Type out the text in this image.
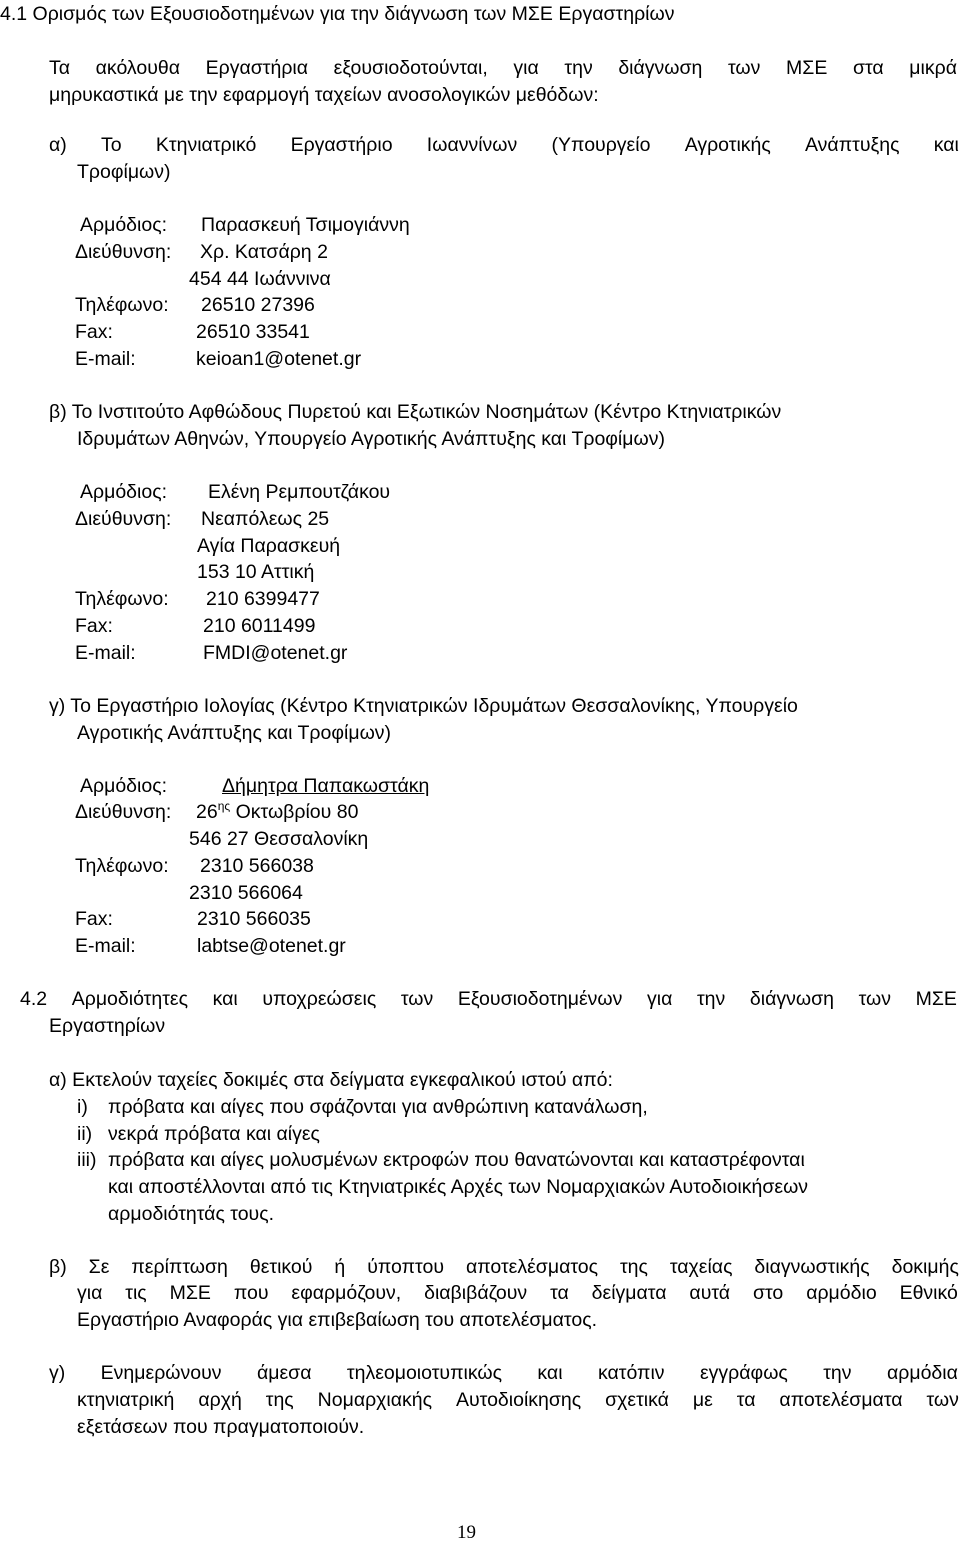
4.1 Ορισμός των Εξουσιοδοτημένων για την διάγνωση των ΜΣΕ Εργαστηρίων
Τα ακόλουθα Εργαστήρια εξουσιοδοτούνται, για την διάγνωση των ΜΣΕ στα μικρά
μηρυκαστικά με την εφαρμογή ταχείων ανοσολογικών μεθόδων:
α) Το Κτηνιατρικό Εργαστήριο Ιωαννίνων (Υπουργείο Αγροτικής Ανάπτυξης και
Τροφίμων)
Αρμόδιος: Παρασκευή Τσιμογιάννη
Διεύθυνση: Χρ. Κατσάρη 2
454 44 Ιωάννινα
Τηλέφωνο: 26510 27396
Fax:	26510 33541
E-mail:	keioan1@otenet.gr
β) Το Ινστιτούτο Αφθώδους Πυρετού και Εξωτικών Νοσημάτων (Κέντρο Κτηνιατρικών
Ιδρυμάτων Αθηνών, Υπουργείο Αγροτικής Ανάπτυξης και Τροφίμων)
Αρμόδιος: Ελένη Ρεμπουτζάκου
Διεύθυνση: Νεαπόλεως 25
Αγία Παρασκευή
153 10 Αττική
Τηλέφωνο: 210 6399477
Fax:	210 6011499
E-mail:	FMDI@otenet.gr
γ) Το Εργαστήριο Ιολογίας (Κέντρο Κτηνιατρικών Ιδρυμάτων Θεσσαλονίκης, Υπουργείο
Αγροτικής Ανάπτυξης και Τροφίμων)
Αρμόδιος:	Δήμητρα Παπακωστάκη
Διεύθυνση: $26^{\eta\varsigma}$ Οκτωβρίου 80
546 27 Θεσσαλονίκη
Τηλέφωνο: 2310 566038
2310 566064
Fax:	2310 566035
E-mail:	labtse@otenet.gr
4.2 Αρμοδιότητες και υποχρεώσεις των Εξουσιοδοτημένων για την διάγνωση των ΜΣΕ
Εργαστηρίων
α) Εκτελούν ταχείες δοκιμές στα δείγματα εγκεφαλικού ιστού από:
i) πρόβατα και αίγες που σφάζονται για ανθρώπινη κατανάλωση,
ii) νεκρά πρόβατα και αίγες
iii) πρόβατα και αίγες μολυσμένων εκτροφών που θανατώνονται και καταστρέφονται
και αποστέλλονται από τις Κτηνιατρικές Αρχές των Νομαρχιακών Αυτοδιοικήσεων
αρμοδιότητάς τους.
β) Σε περίπτωση θετικού ή ύποπτου αποτελέσματος της ταχείας διαγνωστικής δοκιμής
για τις ΜΣΕ που εφαρμόζουν, διαβιβάζουν τα δείγματα αυτά στο αρμόδιο Εθνικό
Εργαστήριο Αναφοράς για επιβεβαίωση του αποτελέσματος.
γ) Ενημερώνουν άμεσα τηλεομοιοτυπικώς και κατόπιν εγγράφως την αρμόδια
κτηνιατρική αρχή της Νομαρχιακής Αυτοδιοίκησης σχετικά με τα αποτελέσματα των
εξετάσεων που πραγματοποιούν.
19
